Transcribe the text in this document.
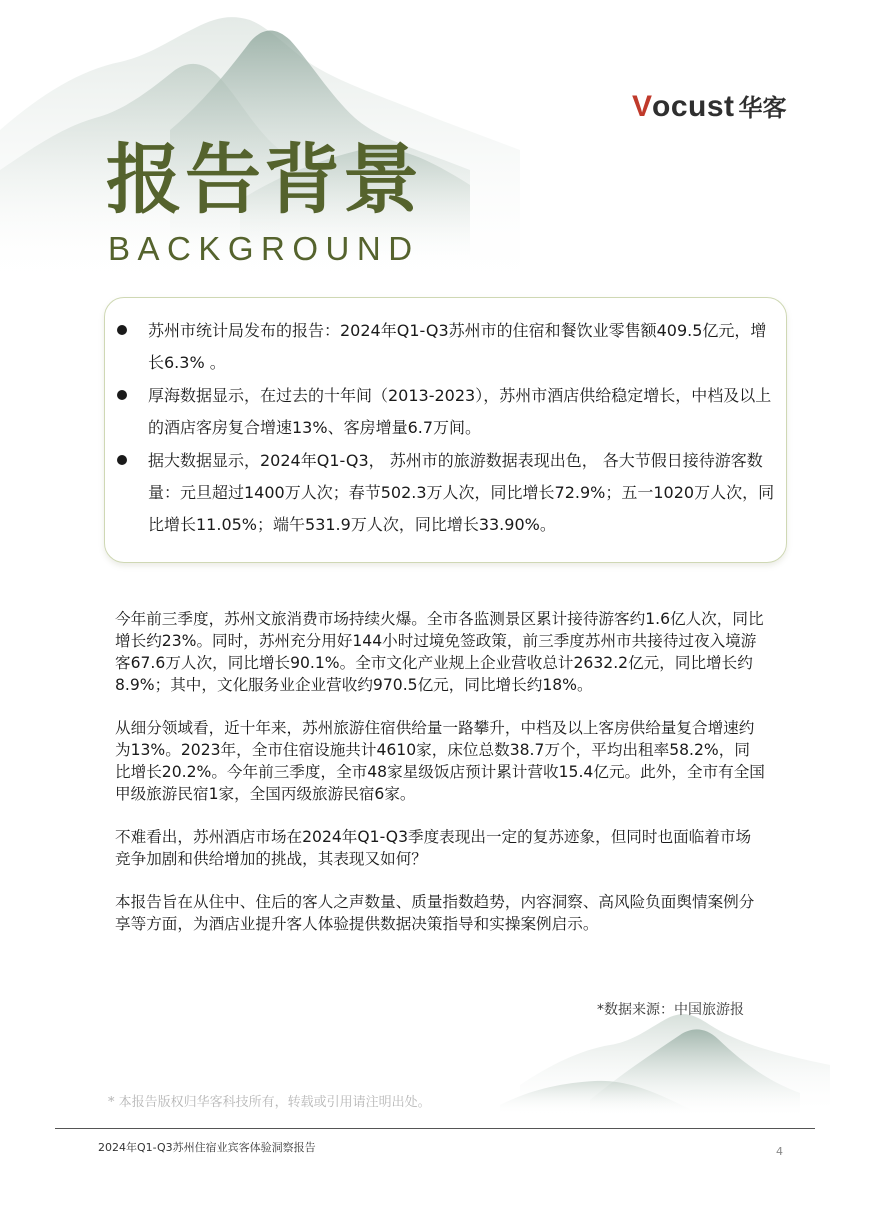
V ocust 华客
报告背景
BACKGROUND

苏州市统计局发布的报告：2024年Q1-Q3苏州市的住宿和餐饮业零售额409.5亿元，增长6.3% 。

厚海数据显示，在过去的十年间（2013-2023），苏州市酒店供给稳定增长，中档及以上的酒店客房复合增速13%、客房增量6.7万间。

据大数据显示，2024年Q1-Q3， 苏州市的旅游数据表现出色， 各大节假日接待游客数量：元旦超过1400万人次；春节502.3万人次，同比增长72.9%；五一1020万人次，同比增长11.05%；端午531.9万人次，同比增长33.90%。

今年前三季度，苏州文旅消费市场持续火爆。全市各监测景区累计接待游客约1.6亿人次，同比增长约23%。同时，苏州充分用好144小时过境免签政策，前三季度苏州市共接待过夜入境游客67.6万人次，同比增长90.1%。全市文化产业规上企业营收总计2632.2亿元，同比增长约8.9%；其中，文化服务业企业营收约970.5亿元，同比增长约18%。

从细分领域看，近十年来，苏州旅游住宿供给量一路攀升，中档及以上客房供给量复合增速约为13%。2023年，全市住宿设施共计4610家，床位总数38.7万个，平均出租率58.2%，同比增长20.2%。今年前三季度，全市48家星级饭店预计累计营收15.4亿元。此外，全市有全国甲级旅游民宿1家，全国丙级旅游民宿6家。

不难看出，苏州酒店市场在2024年Q1-Q3季度表现出一定的复苏迹象，但同时也面临着市场竞争加剧和供给增加的挑战，其表现又如何？

本报告旨在从住中、住后的客人之声数量、质量指数趋势，内容洞察、高风险负面舆情案例分享等方面，为酒店业提升客人体验提供数据决策指导和实操案例启示。

*数据来源：中国旅游报
* 本报告版权归华客科技所有，转载或引用请注明出处。
2024年Q1-Q3苏州住宿业宾客体验洞察报告	4
